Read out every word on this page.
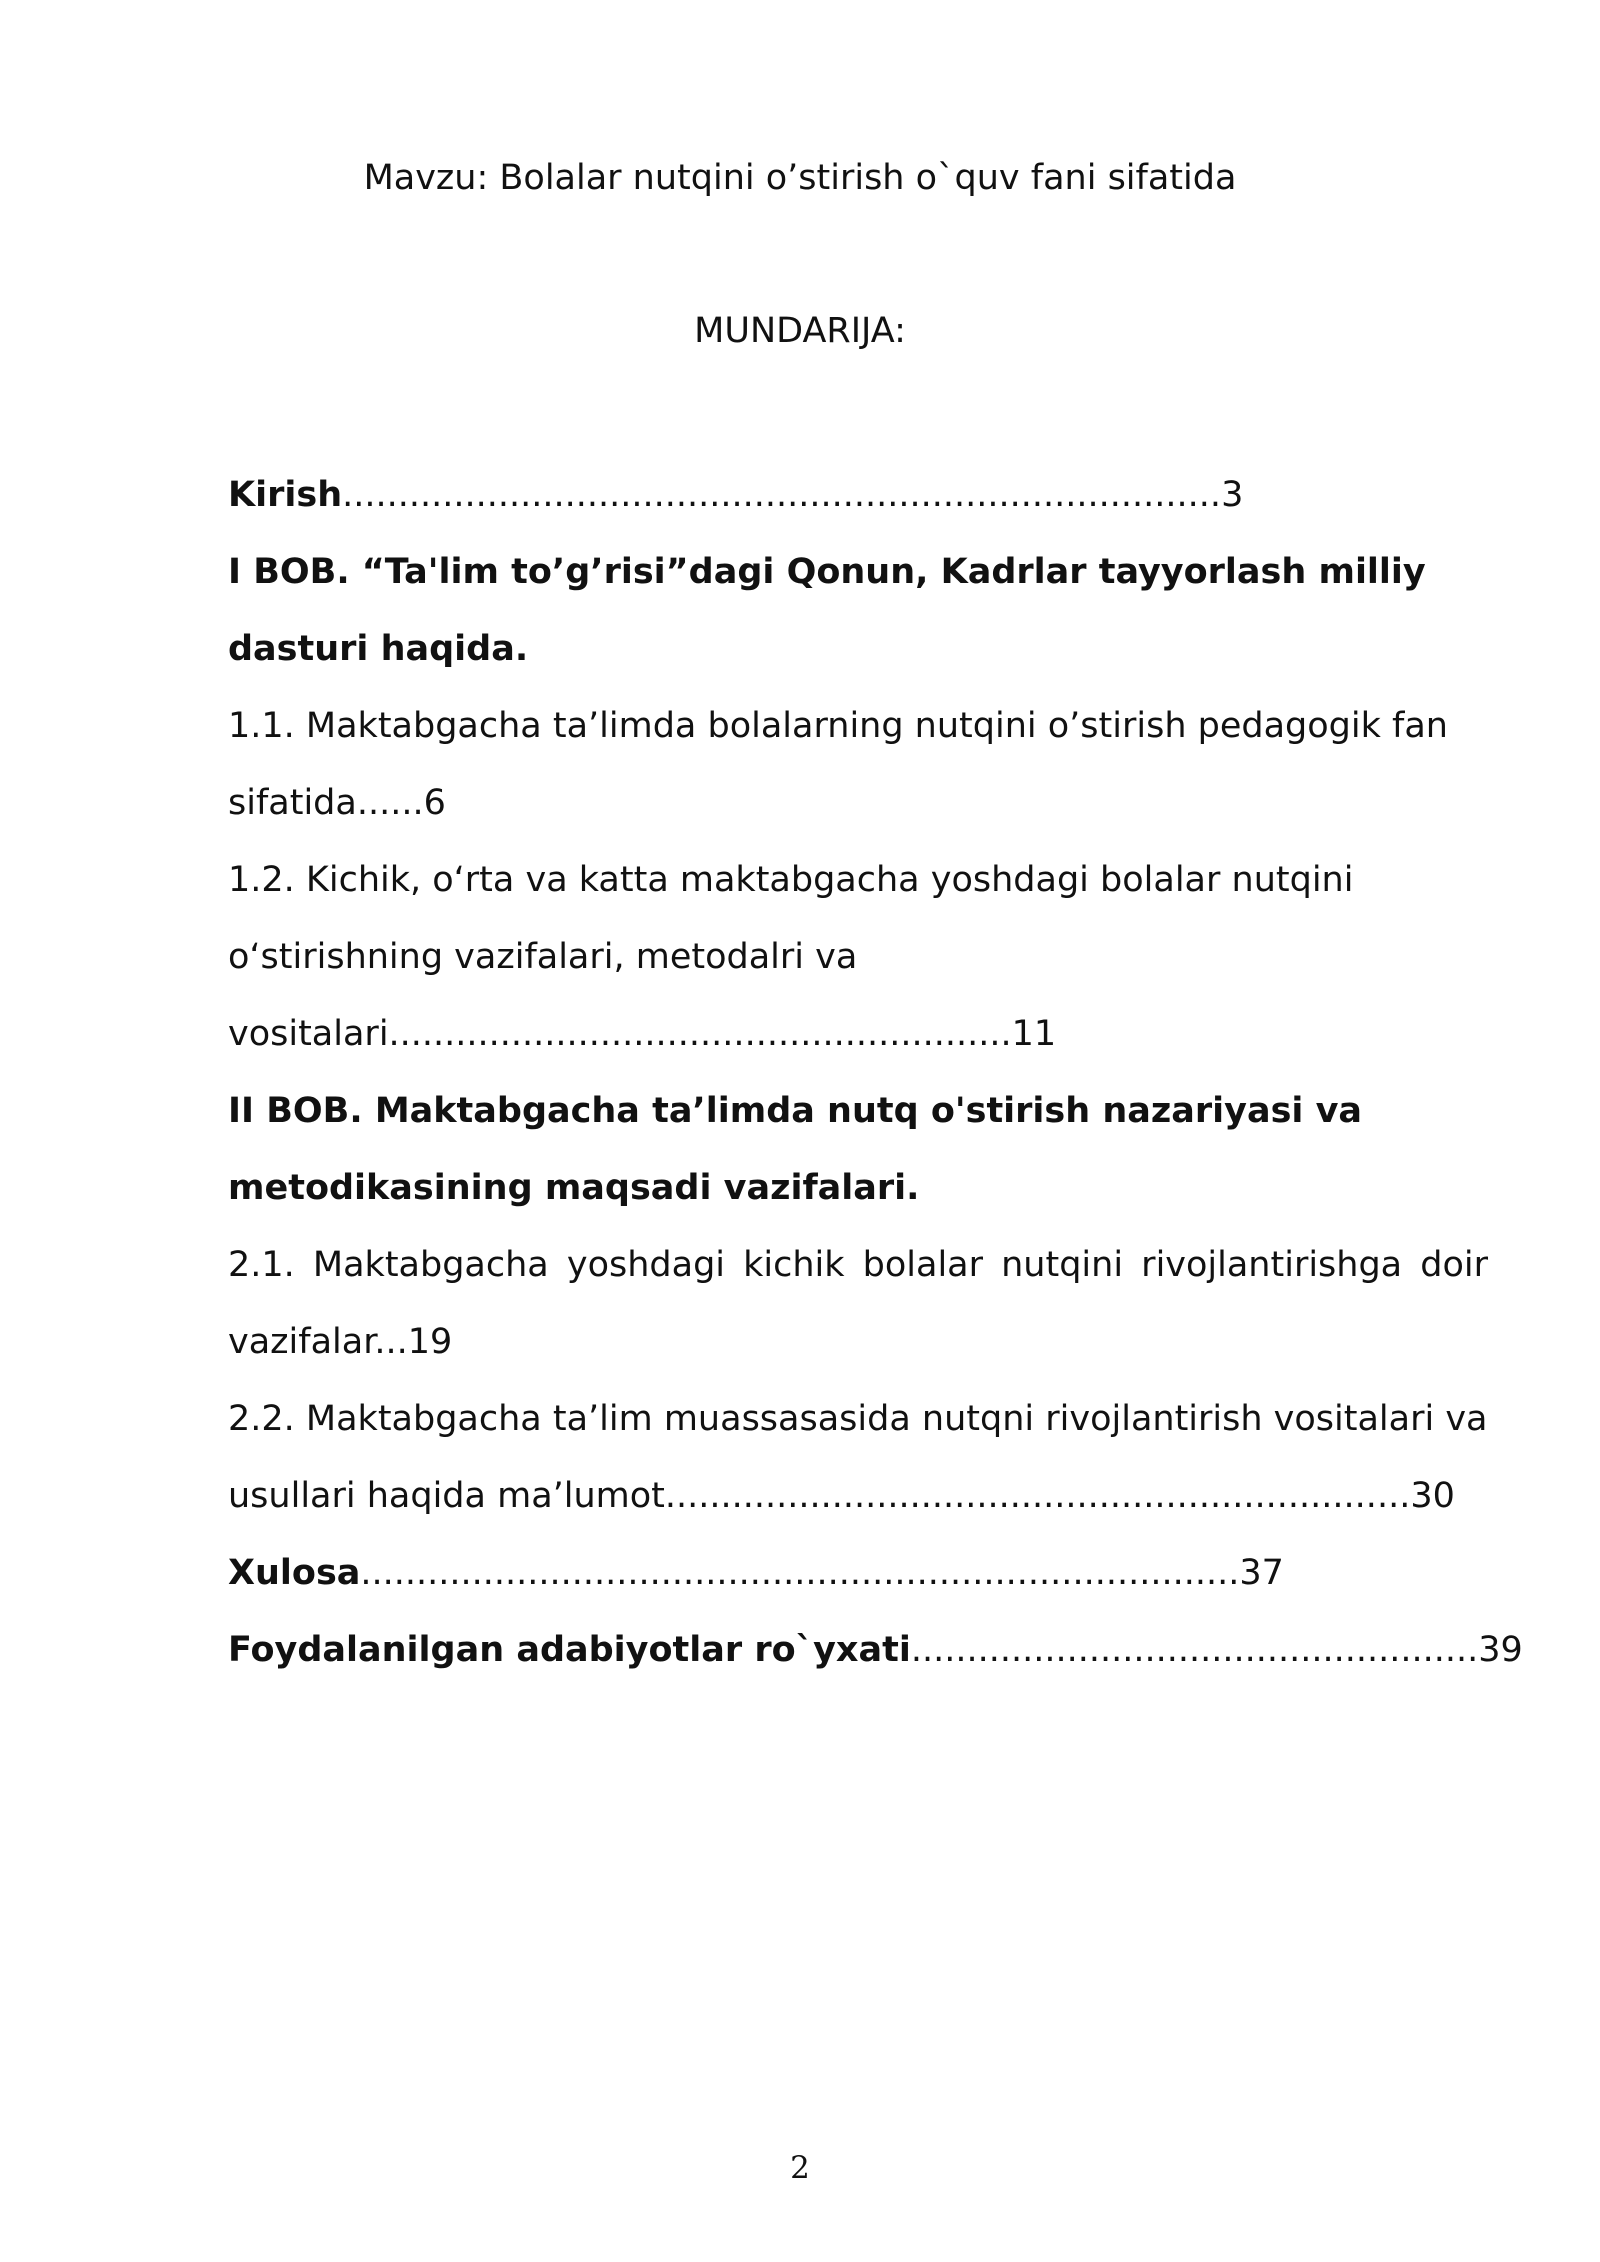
Mavzu: Bolalar nutqini o’stirish o`quv fani sifatida
MUNDARIJA:
Kirish...............................................................................3
I BOB. “Ta'lim to’g’risi”dagi Qonun, Kadrlar tayyorlash milliy
dasturi haqida.
1.1. Maktabgacha ta’limda bolalarning nutqini o’stirish pedagogik fan
sifatida......6
1.2. Kichik, o‘rta va katta maktabgacha yoshdagi bolalar nutqini
o‘stirishning vazifalari, metodalri va
vositalari........................................................11
II BOB. Maktabgacha ta’limda nutq o'stirish nazariyasi va
metodikasining maqsadi vazifalari.
2.1. Maktabgacha yoshdagi kichik bolalar nutqini rivojlantirishga doir
vazifalar...19
2.2. Maktabgacha ta’lim muassasasida nutqni rivojlantirish vositalari va
usullari haqida ma’lumot...................................................................30
Xulosa...............................................................................37
Foydalanilgan adabiyotlar ro`yxati...................................................39
2
